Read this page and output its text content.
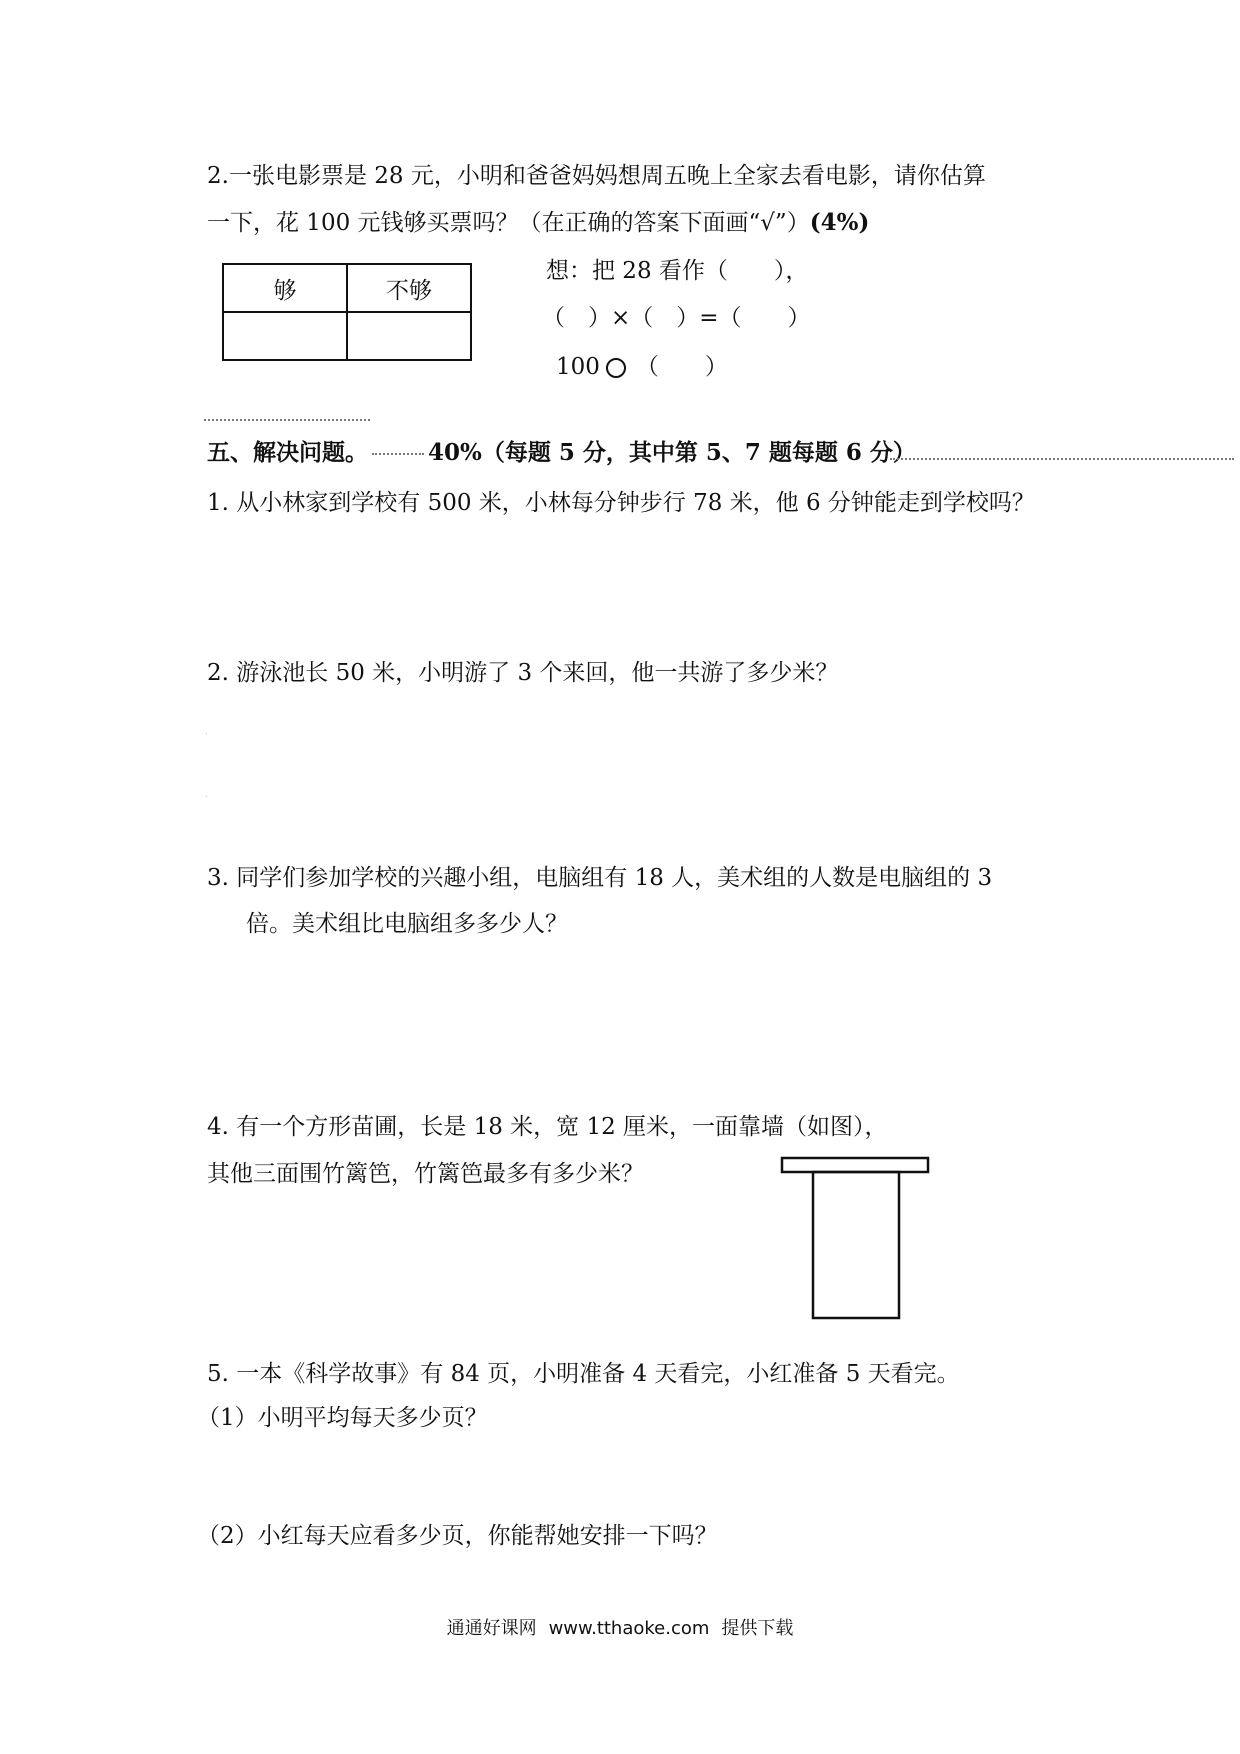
2.一张电影票是 28 元，小明和爸爸妈妈想周五晚上全家去看电影，请你估算
一下，花 100 元钱够买票吗？（在正确的答案下面画“√”）(4%)
够	不够

想：把 28 看作（　　），
（　）×（　）=（　　）
100 （　　）
五、解决问题。	40%（每题 5 分，其中第 5、7 题每题 6 分）
1. 从小林家到学校有 500 米，小林每分钟步行 78 米，他 6 分钟能走到学校吗？
2. 游泳池长 50 米，小明游了 3 个来回，他一共游了多少米？
3. 同学们参加学校的兴趣小组，电脑组有 18 人，美术组的人数是电脑组的 3
倍。美术组比电脑组多多少人？
4. 有一个方形苗圃，长是 18 米，宽 12 厘米，一面靠墙（如图），
其他三面围竹篱笆，竹篱笆最多有多少米？
5. 一本《科学故事》有 84 页，小明准备 4 天看完，小红准备 5 天看完。
（1）小明平均每天多少页？
（2）小红每天应看多少页，你能帮她安排一下吗？
通通好课网 www.tthaoke.com 提供下载
